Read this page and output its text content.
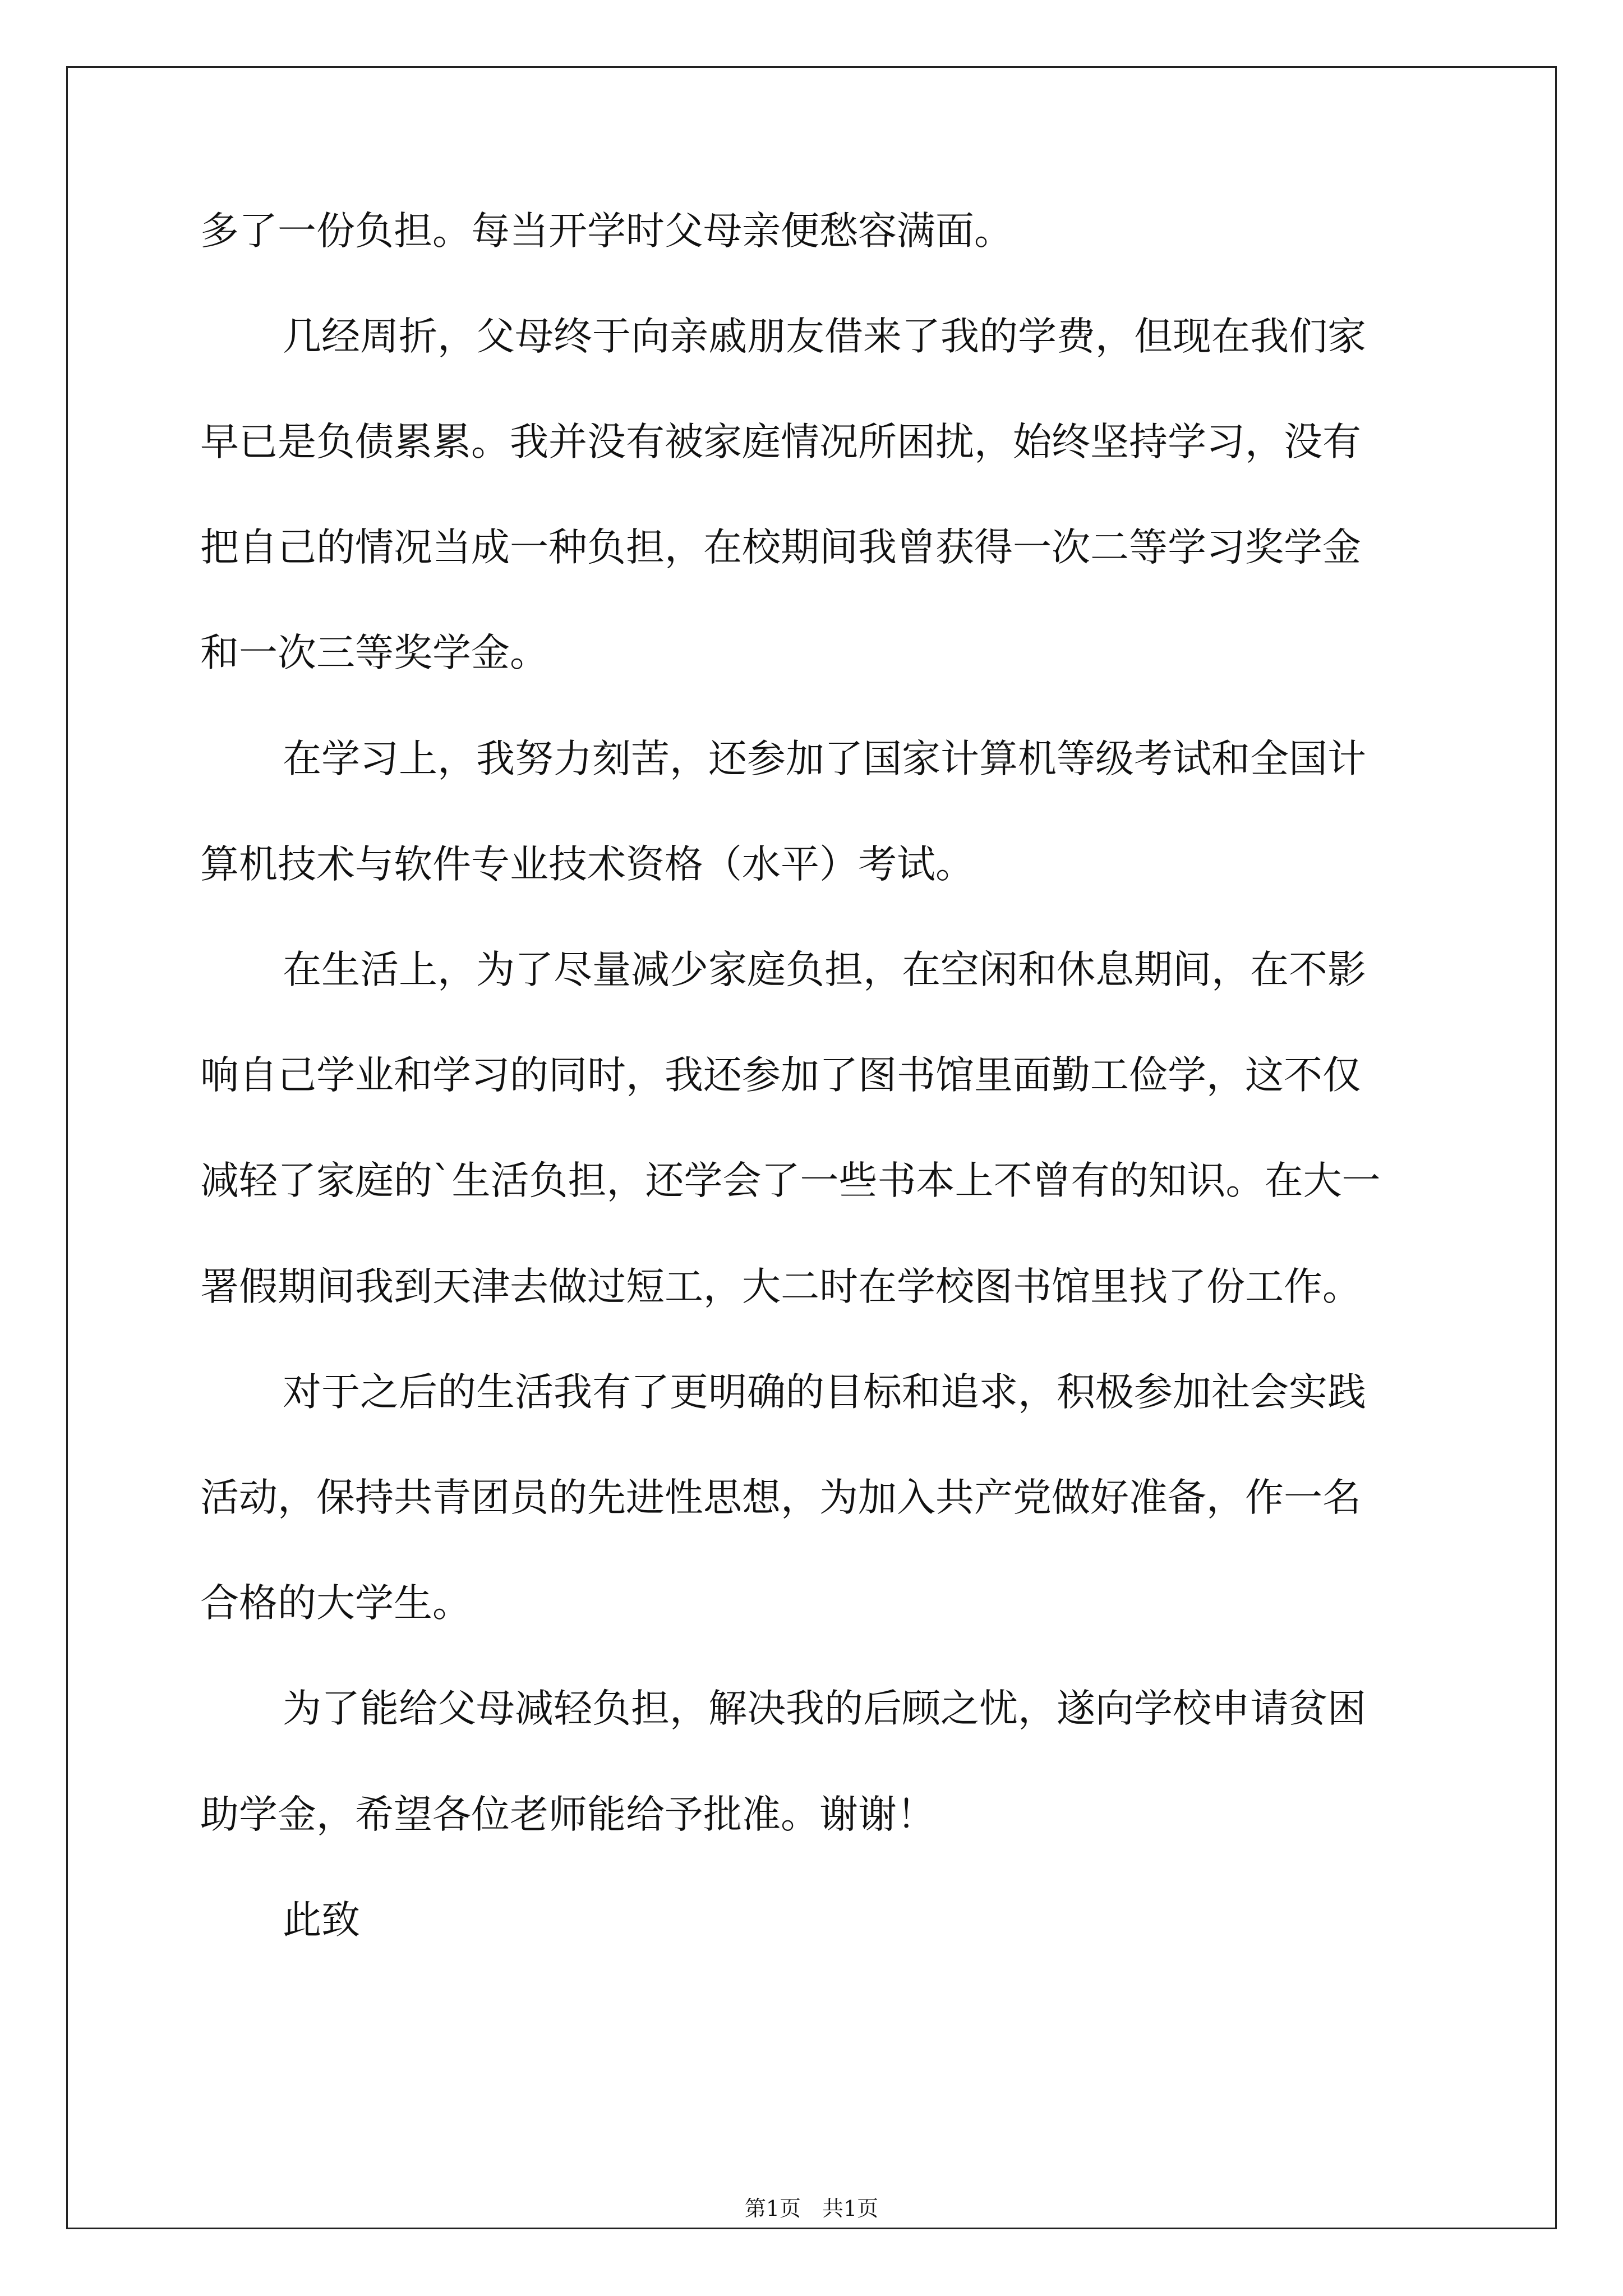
多了一份负担。每当开学时父母亲便愁容满面。
几经周折，父母终于向亲戚朋友借来了我的学费，但现在我们家
早已是负债累累。我并没有被家庭情况所困扰，始终坚持学习，没有
把自己的情况当成一种负担，在校期间我曾获得一次二等学习奖学金
和一次三等奖学金。
在学习上，我努力刻苦，还参加了国家计算机等级考试和全国计
算机技术与软件专业技术资格（水平）考试。
在生活上，为了尽量减少家庭负担，在空闲和休息期间，在不影
响自己学业和学习的同时，我还参加了图书馆里面勤工俭学，这不仅
减轻了家庭的`生活负担，还学会了一些书本上不曾有的知识。在大一
署假期间我到天津去做过短工，大二时在学校图书馆里找了份工作。
对于之后的生活我有了更明确的目标和追求，积极参加社会实践
活动，保持共青团员的先进性思想，为加入共产党做好准备，作一名
合格的大学生。
为了能给父母减轻负担，解决我的后顾之忧，遂向学校申请贫困
助学金，希望各位老师能给予批准。谢谢！
此致
第1页　共1页
